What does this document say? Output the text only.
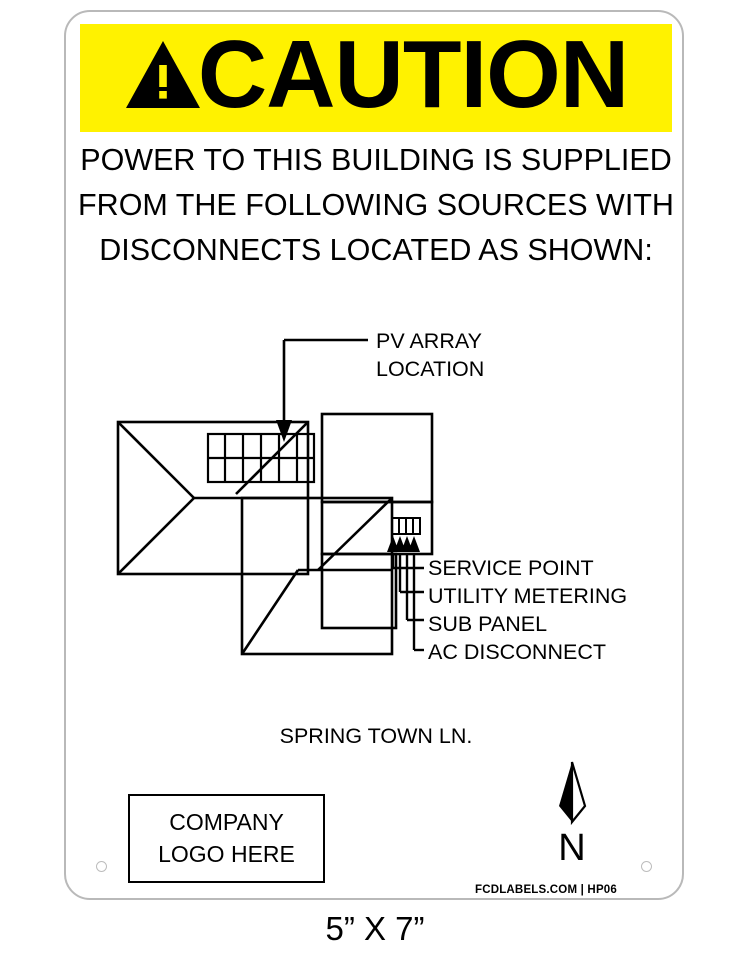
CAUTION
POWER TO THIS BUILDING IS SUPPLIED
FROM THE FOLLOWING SOURCES WITH
DISCONNECTS LOCATED AS SHOWN:
PV ARRAY
LOCATION
SERVICE POINT
UTILITY METERING
SUB PANEL
AC DISCONNECT
SPRING TOWN LN.
COMPANY
LOGO HERE	N
FCDLABELS.COM | HP06
5” X 7”
